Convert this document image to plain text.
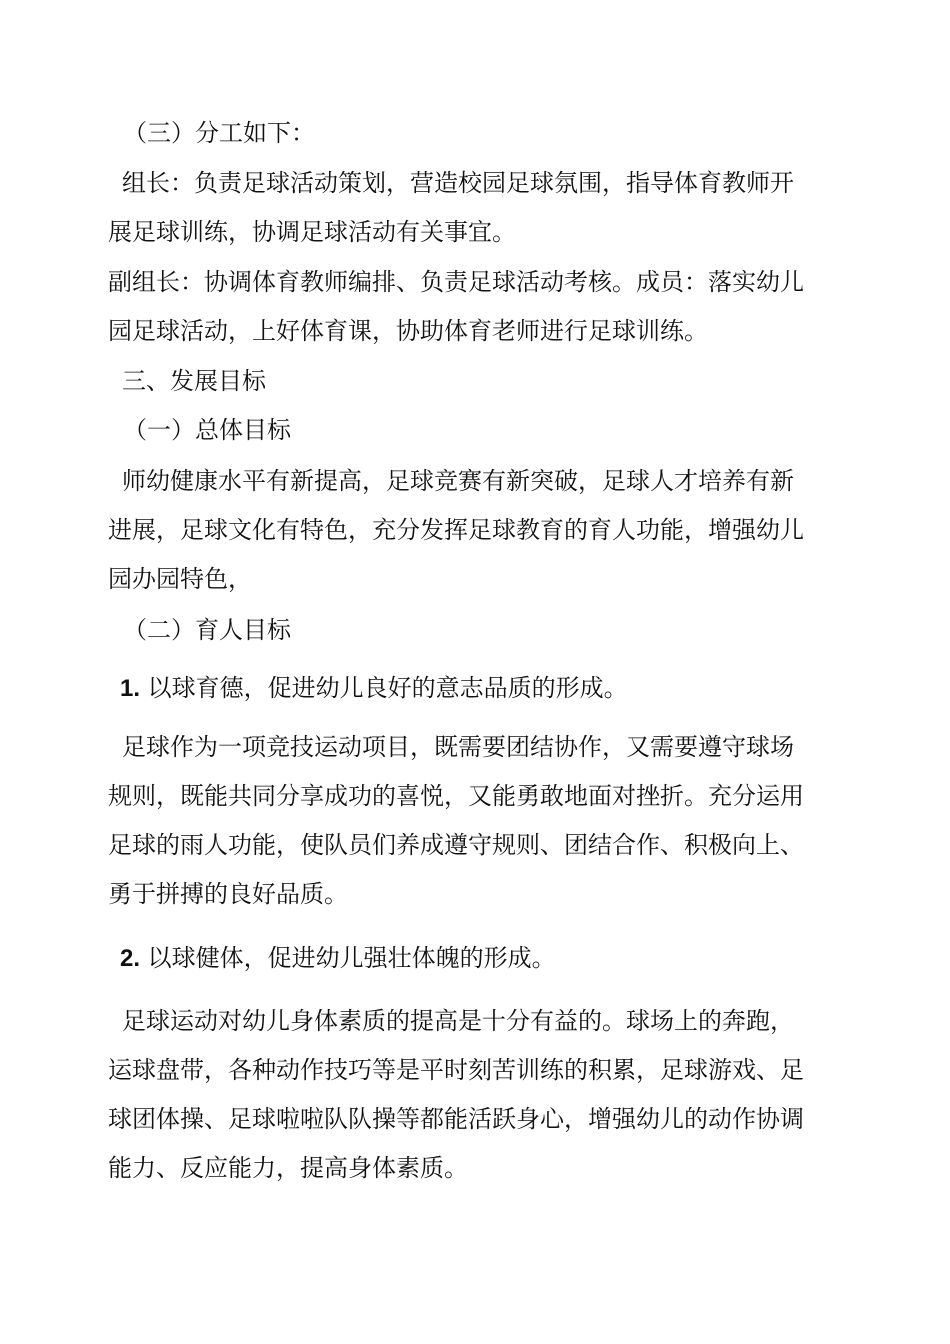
（三）分工如下：

组长：负责足球活动策划，营造校园足球氛围，指导体育教师开
展足球训练，协调足球活动有关事宜。

副组长：协调体育教师编排、负责足球活动考核。成员：落实幼儿
园足球活动，上好体育课，协助体育老师进行足球训练。

三、发展目标

（一）总体目标

师幼健康水平有新提高，足球竞赛有新突破，足球人才培养有新
进展，足球文化有特色，充分发挥足球教育的育人功能，增强幼儿
园办园特色，

（二）育人目标

1. 以球育德，促进幼儿良好的意志品质的形成。

足球作为一项竞技运动项目，既需要团结协作，又需要遵守球场
规则，既能共同分享成功的喜悦，又能勇敢地面对挫折。充分运用
足球的雨人功能，使队员们养成遵守规则、团结合作、积极向上、
勇于拼搏的良好品质。

2. 以球健体，促进幼儿强壮体魄的形成。

足球运动对幼儿身体素质的提高是十分有益的。球场上的奔跑，
运球盘带，各种动作技巧等是平时刻苦训练的积累，足球游戏、足
球团体操、足球啦啦队队操等都能活跃身心，增强幼儿的动作协调
能力、反应能力，提高身体素质。
